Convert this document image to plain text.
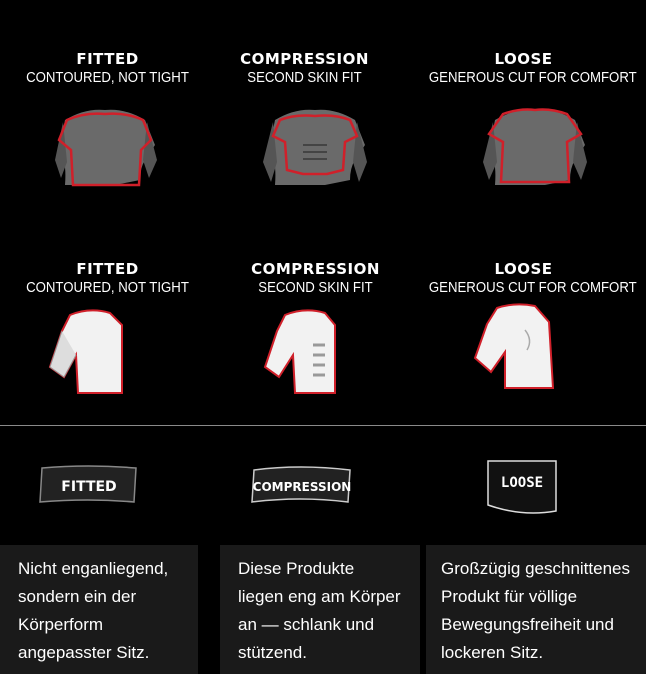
FITTED
CONTOURED, NOT TIGHT
COMPRESSION
SECOND SKIN FIT
LOOSE
GENEROUS CUT FOR COMFORT
FITTED
CONTOURED, NOT TIGHT
COMPRESSION
SECOND SKIN FIT
LOOSE
GENEROUS CUT FOR COMFORT
FITTED	COMPRESSION	LOOSE
Nicht enganliegend,
sondern ein der
Körperform
angepasster Sitz.
Diese Produkte
liegen eng am Körper
an — schlank und
stützend.
Großzügig geschnittenes
Produkt für völlige
Bewegungsfreiheit und
lockeren Sitz.
